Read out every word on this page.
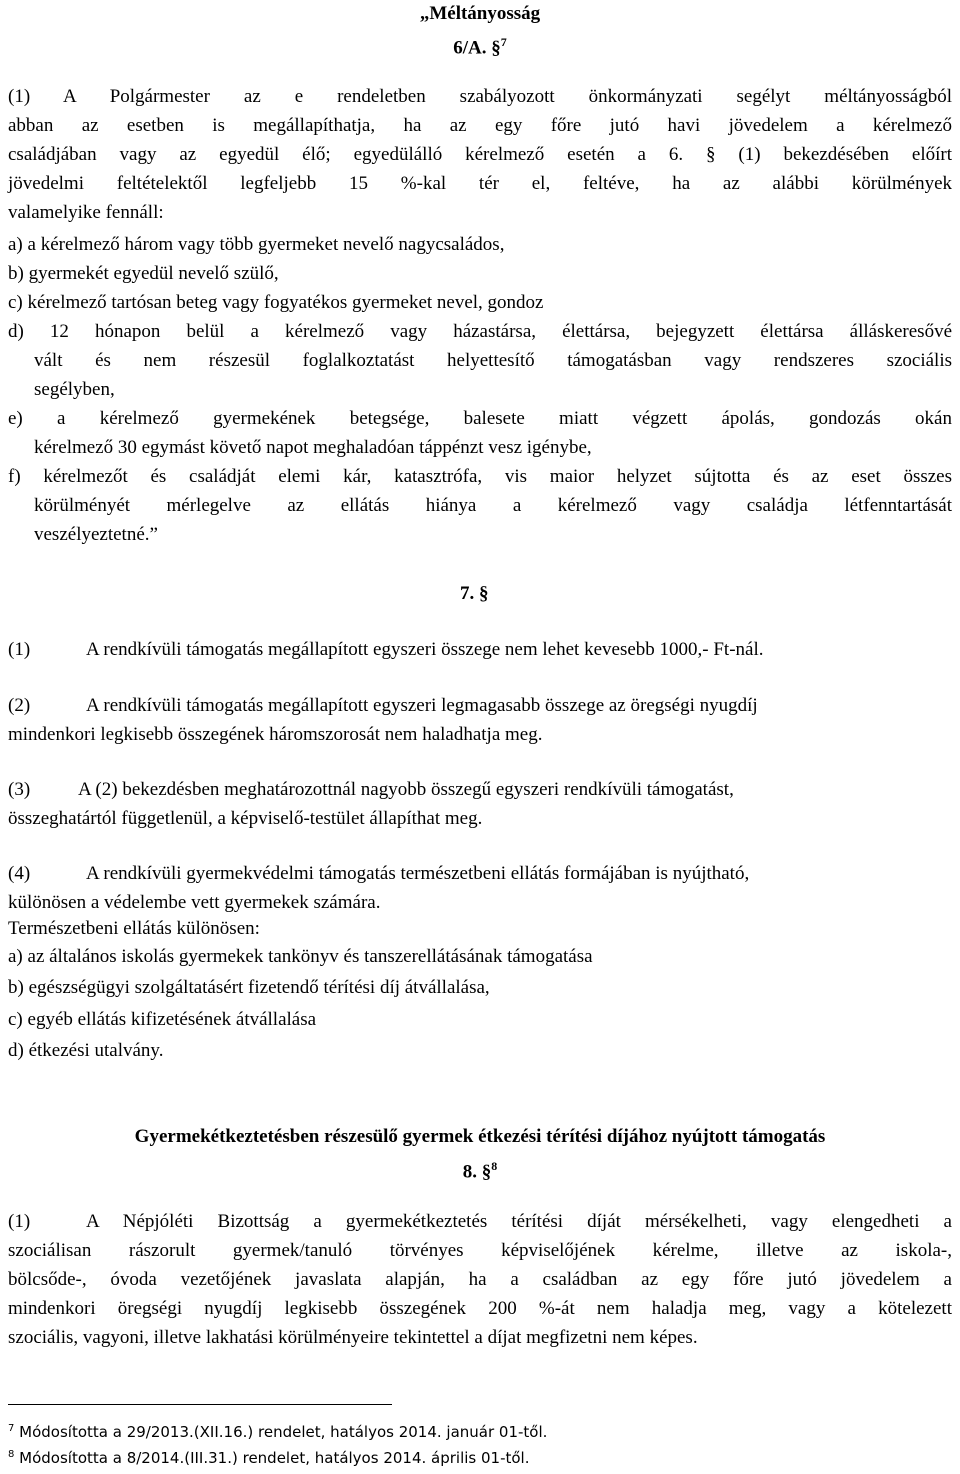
„Méltányosság
6/A. §$^7$
(1) A Polgármester az e rendeletben szabályozott önkormányzati segélyt méltányosságból
abban az esetben is megállapíthatja, ha az egy főre jutó havi jövedelem a kérelmező
családjában vagy az egyedül élő; egyedülálló kérelmező esetén a 6. § (1) bekezdésében előírt
jövedelmi feltételektől legfeljebb 15 %-kal tér el, feltéve, ha az alábbi körülmények
valamelyike fennáll:
a) a kérelmező három vagy több gyermeket nevelő nagycsaládos,
b) gyermekét egyedül nevelő szülő,
c) kérelmező tartósan beteg vagy fogyatékos gyermeket nevel, gondoz
d) 12 hónapon belül a kérelmező vagy házastársa, élettársa, bejegyzett élettársa álláskeresővé
vált és nem részesül foglalkoztatást helyettesítő támogatásban vagy rendszeres szociális
segélyben,
e) a kérelmező gyermekének betegsége, balesete miatt végzett ápolás, gondozás okán
kérelmező 30 egymást követő napot meghaladóan táppénzt vesz igénybe,
f) kérelmezőt és családját elemi kár, katasztrófa, vis maior helyzet sújtotta és az eset összes
körülményét mérlegelve az ellátás hiánya a kérelmező vagy családja létfenntartását
veszélyeztetné.”
7. §
(1)	A rendkívüli támogatás megállapított egyszeri összege nem lehet kevesebb 1000,- Ft-nál.
(2)	A rendkívüli támogatás megállapított egyszeri legmagasabb összege az öregségi nyugdíj
mindenkori legkisebb összegének háromszorosát nem haladhatja meg.
(3)	A (2) bekezdésben meghatározottnál nagyobb összegű egyszeri rendkívüli támogatást,
összeghatártól függetlenül, a képviselő-testület állapíthat meg.
(4)	A rendkívüli gyermekvédelmi támogatás természetbeni ellátás formájában is nyújtható,
különösen a védelembe vett gyermekek számára.
Természetbeni ellátás különösen:
a) az általános iskolás gyermekek tankönyv és tanszerellátásának támogatása
b) egészségügyi szolgáltatásért fizetendő térítési díj átvállalása,
c) egyéb ellátás kifizetésének átvállalása
d) étkezési utalvány.
Gyermekétkeztetésben részesülő gyermek étkezési térítési díjához nyújtott támogatás
8. §$^8$
(1)	A Népjóléti Bizottság a gyermekétkeztetés térítési díját mérsékelheti, vagy elengedheti a
szociálisan rászorult gyermek/tanuló törvényes képviselőjének kérelme, illetve az iskola-,
bölcsőde-, óvoda vezetőjének javaslata alapján, ha a családban az egy főre jutó jövedelem a
mindenkori öregségi nyugdíj legkisebb összegének 200 %-át nem haladja meg, vagy a kötelezett
szociális, vagyoni, illetve lakhatási körülményeire tekintettel a díjat megfizetni nem képes.
$^7$ Módosította a 29/2013.(XII.16.) rendelet, hatályos 2014. január 01-től.
$^8$ Módosította a 8/2014.(III.31.) rendelet, hatályos 2014. április 01-től.
